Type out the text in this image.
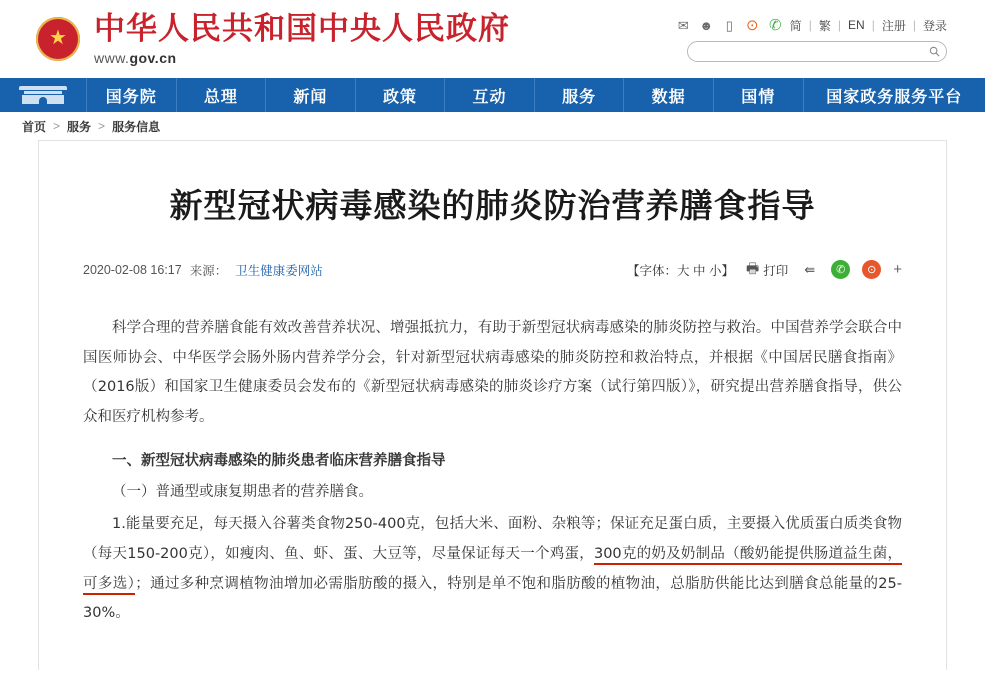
★
中华人民共和国中央人民政府
www.gov.cn
✉ ☻ ▯ ⊙ ✆ 简 | 繁 | EN | 注册 | 登录
国务院	总理	新闻	政策	互动	服务	数据	国情	国家政务服务平台
首页 > 服务 > 服务信息
新型冠状病毒感染的肺炎防治营养膳食指导
2020-02-08 16:17 来源： 卫生健康委网站	【字体：大 中 小】 🖶 打印	⇚	✆	⊙	+

科学合理的营养膳食能有效改善营养状况、增强抵抗力，有助于新型冠状病毒感染的肺炎防控与救治。中国营养学会联合中国医师协会、中华医学会肠外肠内营养学分会，针对新型冠状病毒感染的肺炎防控和救治特点，并根据《中国居民膳食指南》（2016版）和国家卫生健康委员会发布的《新型冠状病毒感染的肺炎诊疗方案（试行第四版）》，研究提出营养膳食指导，供公众和医疗机构参考。

一、新型冠状病毒感染的肺炎患者临床营养膳食指导

（一）普通型或康复期患者的营养膳食。

1.能量要充足，每天摄入谷薯类食物250-400克，包括大米、面粉、杂粮等；保证充足蛋白质，主要摄入优质蛋白质类食物（每天150-200克），如瘦肉、鱼、虾、蛋、大豆等，尽量保证每天一个鸡蛋，300克的奶及奶制品（酸奶能提供肠道益生菌，可多选）；通过多种烹调植物油增加必需脂肪酸的摄入，特别是单不饱和脂肪酸的植物油，总脂肪供能比达到膳食总能量的25-30%。
